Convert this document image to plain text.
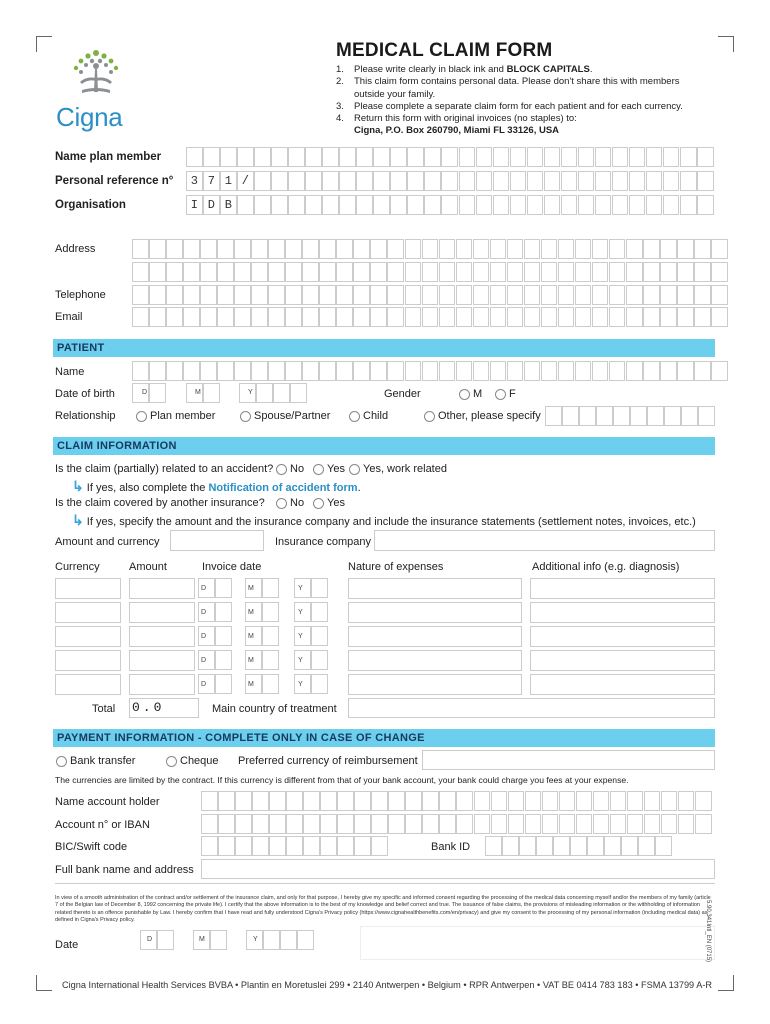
Cigna
MEDICAL CLAIM FORM
1.	Please write clearly in black ink and BLOCK CAPITALS.
2.	This claim form contains personal data. Please don't share this with members outside your family.
3.	Please complete a separate claim form for each patient and for each currency.
4.	Return this form with original invoices (no staples) to:
Cigna, P.O. Box 260790, Miami FL 33126, USA
Name plan member
Personal reference n°	3 7 1 /
Organisation	I D B
Address
Telephone
Email
PATIENT
Name
Date of birth	D	M	Y	Gender	M F
Relationship	Plan member	Spouse/Partner	Child	Other, please specify
CLAIM INFORMATION
Is the claim (partially) related to an accident? No Yes Yes, work related
↳ If yes, also complete the Notification of accident form.
Is the claim covered by another insurance? No Yes
↳ If yes, specify the amount and the insurance company and include the insurance statements (settlement notes, invoices, etc.)
Amount and currency	Insurance company
Currency	Amount	Invoice date	Nature of expenses	Additional info (e.g. diagnosis)
D	M	Y
D	M	Y
D	M	Y
D	M	Y
D	M	Y
Total 0.0	Main country of treatment
PAYMENT INFORMATION - COMPLETE ONLY IN CASE OF CHANGE
Bank transfer	Cheque Preferred currency of reimbursement
The currencies are limited by the contract. If this currency is different from that of your bank account, your bank could charge you fees at your expense.
Name account holder
Account n° or IBAN
BIC/Swift code	Bank ID
Full bank name and address
In view of a smooth administration of the contract and/or settlement of the insurance claim, and only for that purpose, I hereby give my specific and informed consent regarding the processing of the medical data concerning myself and/or the members of my family (article 7 of the Belgian law of December 8, 1992 concerning the private life). I certify that the above information is to the best of my knowledge and belief correct and true. The issuance of false claims, the provisions of misleading information or the withholding of information related thereto is an offence punishable by Law. I hereby confirm that I have read and fully understood Cigna's Privacy policy (https://www.cignahealthbenefits.com/en/privacy) and give my consent to the processing of my personal information (including medical data) as defined in Cigna's Privacy policy.
Date	D	M	Y	5.90.341Intl_EN (0715)
Cigna International Health Services BVBA • Plantin en Moretuslei 299 • 2140 Antwerpen • Belgium • RPR Antwerpen • VAT BE 0414 783 183 • FSMA 13799 A-R
